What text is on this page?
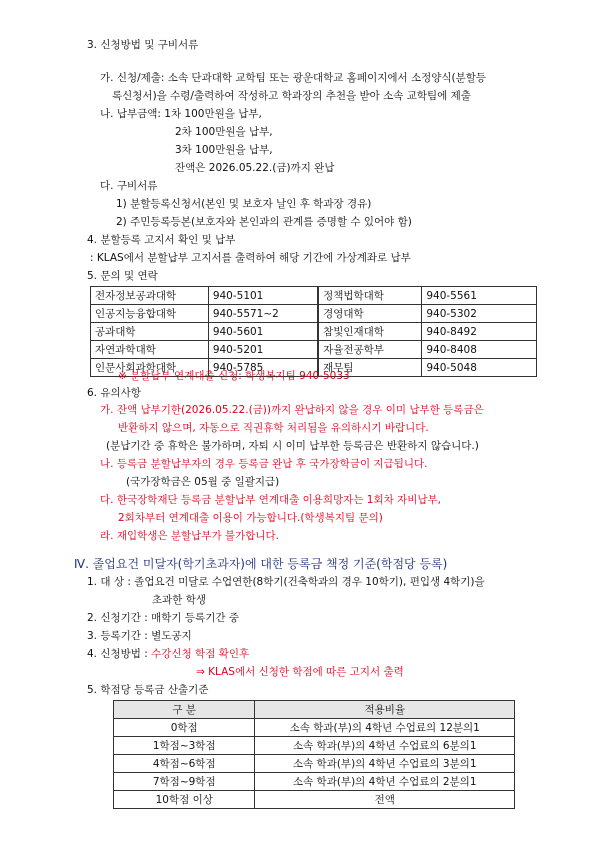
3. 신청방법 및 구비서류
가. 신청/제출: 소속 단과대학 교학팀 또는 광운대학교 홈페이지에서 소정양식(분할등
록신청서)을 수령/출력하여 작성하고 학과장의 추천을 받아 소속 교학팀에 제출
나. 납부금액: 1차 100만원을 납부,
2차 100만원을 납부,
3차 100만원을 납부,
잔액은 2026.05.22.(금)까지 완납
다. 구비서류
1) 분할등록신청서(본인 및 보호자 날인 후 학과장 경유)
2) 주민등록등본(보호자와 본인과의 관계를 증명할 수 있어야 함)
4. 분할등록 고지서 확인 및 납부
: KLAS에서 분할납부 고지서를 출력하여 해당 기간에 가상계좌로 납부
5. 문의 및 연락
전자정보공과대학	940-5101	정책법학대학	940-5561
인공지능융합대학	940-5571~2	경영대학	940-5302
공과대학	940-5601	참빛인재대학	940-8492
자연과학대학	940-5201	자율전공학부	940-8408
인문사회과학대학	940-5785	재무팀	940-5048
※ 분할납부 연계대출 신청: 학생복지팀 940-5033
6. 유의사항
가. 잔액 납부기한(2026.05.22.(금))까지 완납하지 않을 경우 이미 납부한 등록금은
반환하지 않으며, 자동으로 직권휴학 처리됨을 유의하시기 바랍니다.
(분납기간 중 휴학은 불가하며, 자퇴 시 이미 납부한 등록금은 반환하지 않습니다.)
나. 등록금 분할납부자의 경우 등록금 완납 후 국가장학금이 지급됩니다.
(국가장학금은 05월 중 일괄지급)
다. 한국장학재단 등록금 분할납부 연계대출 이용희망자는 1회차 자비납부,
2회차부터 연계대출 이용이 가능합니다.(학생복지팀 문의)
라. 재입학생은 분할납부가 불가합니다.
Ⅳ. 졸업요건 미달자(학기초과자)에 대한 등록금 책정 기준(학점당 등록)
1. 대 상 : 졸업요건 미달로 수업연한(8학기(건축학과의 경우 10학기), 편입생 4학기)을
초과한 학생
2. 신청기간 : 매학기 등록기간 중
3. 등록기간 : 별도공지
4. 신청방법 : 수강신청 학점 확인후
⇒ KLAS에서 신청한 학점에 따른 고지서 출력
5. 학점당 등록금 산출기준
구 분	적용비율
0학점	소속 학과(부)의 4학년 수업료의 12분의1
1학점~3학점	소속 학과(부)의 4학년 수업료의 6분의1
4학점~6학점	소속 학과(부)의 4학년 수업료의 3분의1
7학점~9학점	소속 학과(부)의 4학년 수업료의 2분의1
10학점 이상	전액
